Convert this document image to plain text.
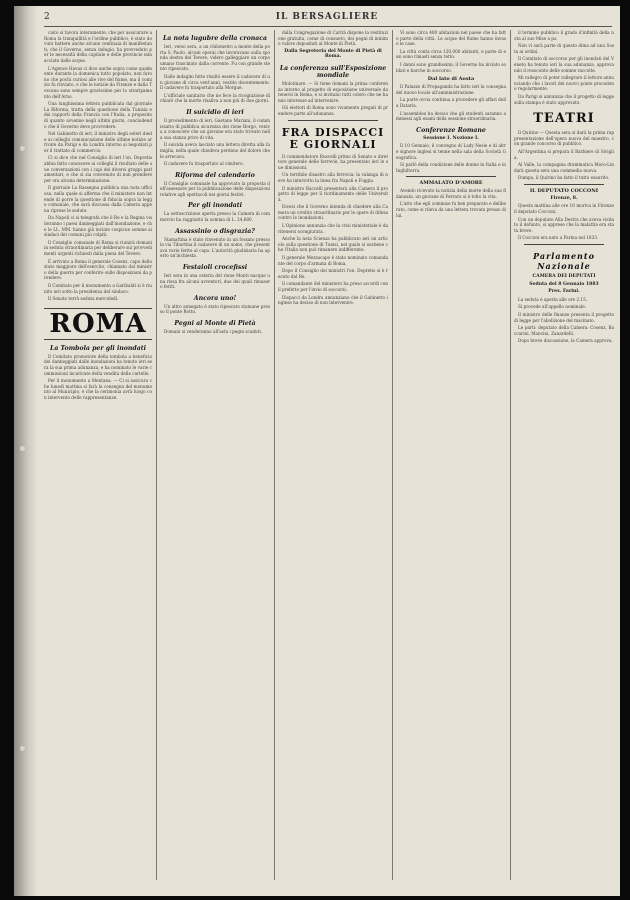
2	IL BERSAGLIERE

ciato si tavora interamente, che per assicurare a Roma la tranquillità e l'ordine pubblico, è stato dovuto battere anche alcune centinaia di manifestanti; che il Governo, senza indugio, ha provveduto per le necessità della capitale e delle provincie minacciate dalle acque.

L'Agence Havas ci dice anche sopra come qualmente durante la domenica tutto popolato, non furono che pochi curiosi alle rive del fiume, ma il comizio fu rinviato, e che le notizie da Firenze e dalla Toscana sono sempre gravissime per lo straripamento dell'Arno.

Una lunghissima lettera pubblicata dal giornale La Riforma, tratta della questione della Tunisia e dei rapporti della Francia con l'Italia, a proposito di quanto avvenne negli ultimi giorni, concludendo che il Governo deve provvedere.

Nel Gabinetto di ieri, il ministro degli esteri diede ai colleghi comunicazione delle ultime notizie arrivate da Parigi e da Londra intorno ai negoziati per il trattato di commercio.

Ci si dice che nel Consiglio di ieri l'on. Depretis abbia fatto conoscere ai colleghi il risultato delle sue conversazioni con i capi dei diversi gruppi parlamentari, e che si sia convenuto di non prendere per ora alcuna determinazione.

Il giornale La Rassegna pubblica una nota ufficiosa, nella quale si afferma che il ministero non intende di porre la questione di fiducia sopra la legge comunale, che sarà discussa dalla Camera appena riprese le sedute.

Da Napoli ci si telegrafa che il Re e la Regina visiteranno i paesi danneggiati dall'inondazione, e che le LL. MM. hanno già inviato cospicue somme ai sindaci dei comuni più colpiti.

Il Consiglio comunale di Roma si riunirà domani in seduta straordinaria per deliberare sui provvedimenti urgenti richiesti dalla piena del Tevere.

È arrivato a Roma il generale Cosenz, capo dello stato maggiore dell'esercito, chiamato dal ministro della guerra per conferire sulle disposizioni da prendere.

Il Comitato per il monumento a Garibaldi si è riunito ieri sotto la presidenza del sindaco.

Il Senato terrà seduta mercoledì.

ROMA
La Tombola per gli inondati

Il Comitato promotore della tombola a beneficio dei danneggiati dalle inondazioni ha tenuto ieri sera la sua prima adunanza, e ha nominato le varie commissioni incaricate della vendita delle cartelle.

Per il monumento a Mentana. — Ci si assicura che lunedì mattina si farà la consegna del monumento al Municipio, e che la cerimonia avrà luogo con intervento delle rappresentanze.

La nota lugubre della cronaca

Ieri, verso sera, a un chilometro a monte della porta S. Paolo, alcuni operai che lavoravano sulla sponda destra del Tevere, videro galleggiare un corpo umano trascinato dalla corrente. Fu con grande stento ripescato.

Dalle indagini fatte risultò essere il cadavere di un giovane di circa vent'anni, vestito decentemente. Il cadavere fu trasportato alla Morgue.

L'ufficiale sanitario che ne fece la ricognizione dichiarò che la morte risaliva a non più di due giorni.

Il suicidio di ieri

Il procedimento di ieri, Gaetano Mariani, il commissario di pubblica sicurezza dei rione Borgo, veniva a conoscere che un giovane era stato trovato nella sua stanza privo di vita.

Il suicida aveva lasciato una lettera diretta alla famiglia, nella quale chiedeva perdono del dolore che le arrecava.

Il cadavere fu trasportato al cimitero.

Riforma del calendario

Il Consiglio comunale ha approvato la proposta dell'assessore per la pubblicazione delle disposizioni relative agli spettacoli nei giorni festivi.

Per gli inondati

La sottoscrizione aperta presso la Camera di commercio ha raggiunto la somma di L. 24,680.

Assassinio o disgrazia?

Stamattina è stato rinvenuto in un fossato presso la via Tiburtina il cadavere di un uomo, che presentava varie ferite al capo. L'autorità giudiziaria ha aperto un'inchiesta.

Festaioli crocefissi

Ieri sera in una osteria del rione Monti nacque una rissa fra alcuni avventori, due dei quali rimasero feriti.

Ancora uno!

Un altro annegato è stato ripescato stamane presso il ponte Rotto.

Pegni al Monte di Pietà

Domani si venderanno all'asta i pegni scaduti.

dalla Congregazione di Carità dispone la restituzione gratuita, come di consueto, dei pegni di minimo valore depositati al Monte di Pietà.

Dalla Segreteria del Monte di Pietà di Roma.
La conferenza sull'Esposizione mondiale

Molotinare. — Si tiene domani la prima conferenza intorno al progetto di esposizione universale da tenersi in Roma, e si invitano tutti coloro che ne hanno interesse ad intervenire.

Gli elettori di Roma sono vivamente pregati di prendere parte all'adunanza.

FRA DISPACCI E GIORNALI

Il commendatore Ruscelli primo di Senato e direttore generale delle ferrovie, ha presentato ieri le sue dimissioni.

Un terribile disastro alla ferrovia: la valanga di neve ha interrotto la linea fra Napoli e Foggia.

Il ministro Baccelli presenterà alla Camera il progetto di legge per il riordinamento delle Università.

Dicesi che il Governo intenda di chiedere alla Camera un credito straordinario per le opere di difesa contro le inondazioni.

L'Opinione annunzia che la crisi ministeriale è da ritenersi scongiurata.

Anche la nota Scienza ha pubblicato ieri un articolo sulla questione di Tunisi, nel quale si sostiene che l'Italia non può rimanere indifferente.

Il generale Mezzacapo è stato nominato comandante del corpo d'armata di Roma.

Dopo il Consiglio dei ministri l'on. Depretis si è recato dal Re.

Il comandante del ministero ha preso accordi con il prefetto per l'invio di soccorsi.

Dispacci da Londra annunziano che il Gabinetto inglese ha deciso di non intervenire.

Vi sono circa 400 abitazioni nel paese che ha fatto parte della città. Le acque del fiume hanno invaso le case.

La città conta circa 120,000 abitanti, e parte di essi sono rimasti senza tetto.

I danni sono grandissimi; il Governo ha inviato soldati e barche in soccorso.

Dal lato di Aosta

Il Palazzo di Propaganda ha fatto ieri la consegna del nuovo locale all'amministrazione.

La parte ovvia continua a procedere gli affari della Dataria.

L'assemblea ha deciso che gli studenti saranno ammessi agli esami della sessione straordinaria.

Conferenze Romane
Sessione I. Nozione I.

Il 10 Gennaio, il convegno di Lady Nesie e di altre signore inglesi si tenne nella sala della Società Geografica.

Si parlò della condizione delle donne in Italia e in Inghilterra.

AMMALATO D'AMORE

Avendo ricevuto la notizia della morte della sua fidanzata, un giovane di Ferrara si è tolto la vita.

L'atto che egli commise fu ben preparato e deliberato, come si rileva da una lettera trovata presso di lui.

il termine pubblico il grado d'infinità della nota al suo Mise a ps.

Non vi sarà parte di questo dima ad una Sosta ai ordini.

Il Comitato di soccorso per gli inondati del Veneto ha tenuto ieri la sua adunanza, approvando il resoconto delle somme raccolte.

Mi rallegro di poter rallegrare il lettore annunciando che i lavori del nuovo ponte procedono regolarmente.

Da Parigi si annunzia che il progetto di legge sulla stampa è stato approvato.

TEATRI

Il Quirino — Questa sera si darà la prima rappresentazione dell'opera nuova del maestro, con grande concorso di pubblico.

All'Argentina si prepara il Barbiere di Siviglia.

Al Valle, la compagnia drammatica Moro-Lin darà questa sera una commedia nuova.

Dumpa, il Quirino ha fatto il tutto esaurito.

IL DEPUTATO COCCONI
Firenze, 8.

Questa mattina alle ore 10 moriva in Firenze il deputato Cocconi.

Con un deputato Alla Destra che aveva visitato il defunto, si apprese che la malattia era stata breve.

Il Cocconi era nato a Parma nel 1833.

Parlamento Nazionale
CAMERA DEI DEPUTATI
Seduta del 8 Gennaio 1883
Pres. Farini.

La seduta è aperta alle ore 2.15.

Si procede all'appello nominale.

Il ministro delle finanze presenta il progetto di legge per l'abolizione del macinato.

Le parti: deputato della Camera: Cosenz, Baccarini, Mancini, Zanardelli.

Dopo breve discussione, la Camera approva.
